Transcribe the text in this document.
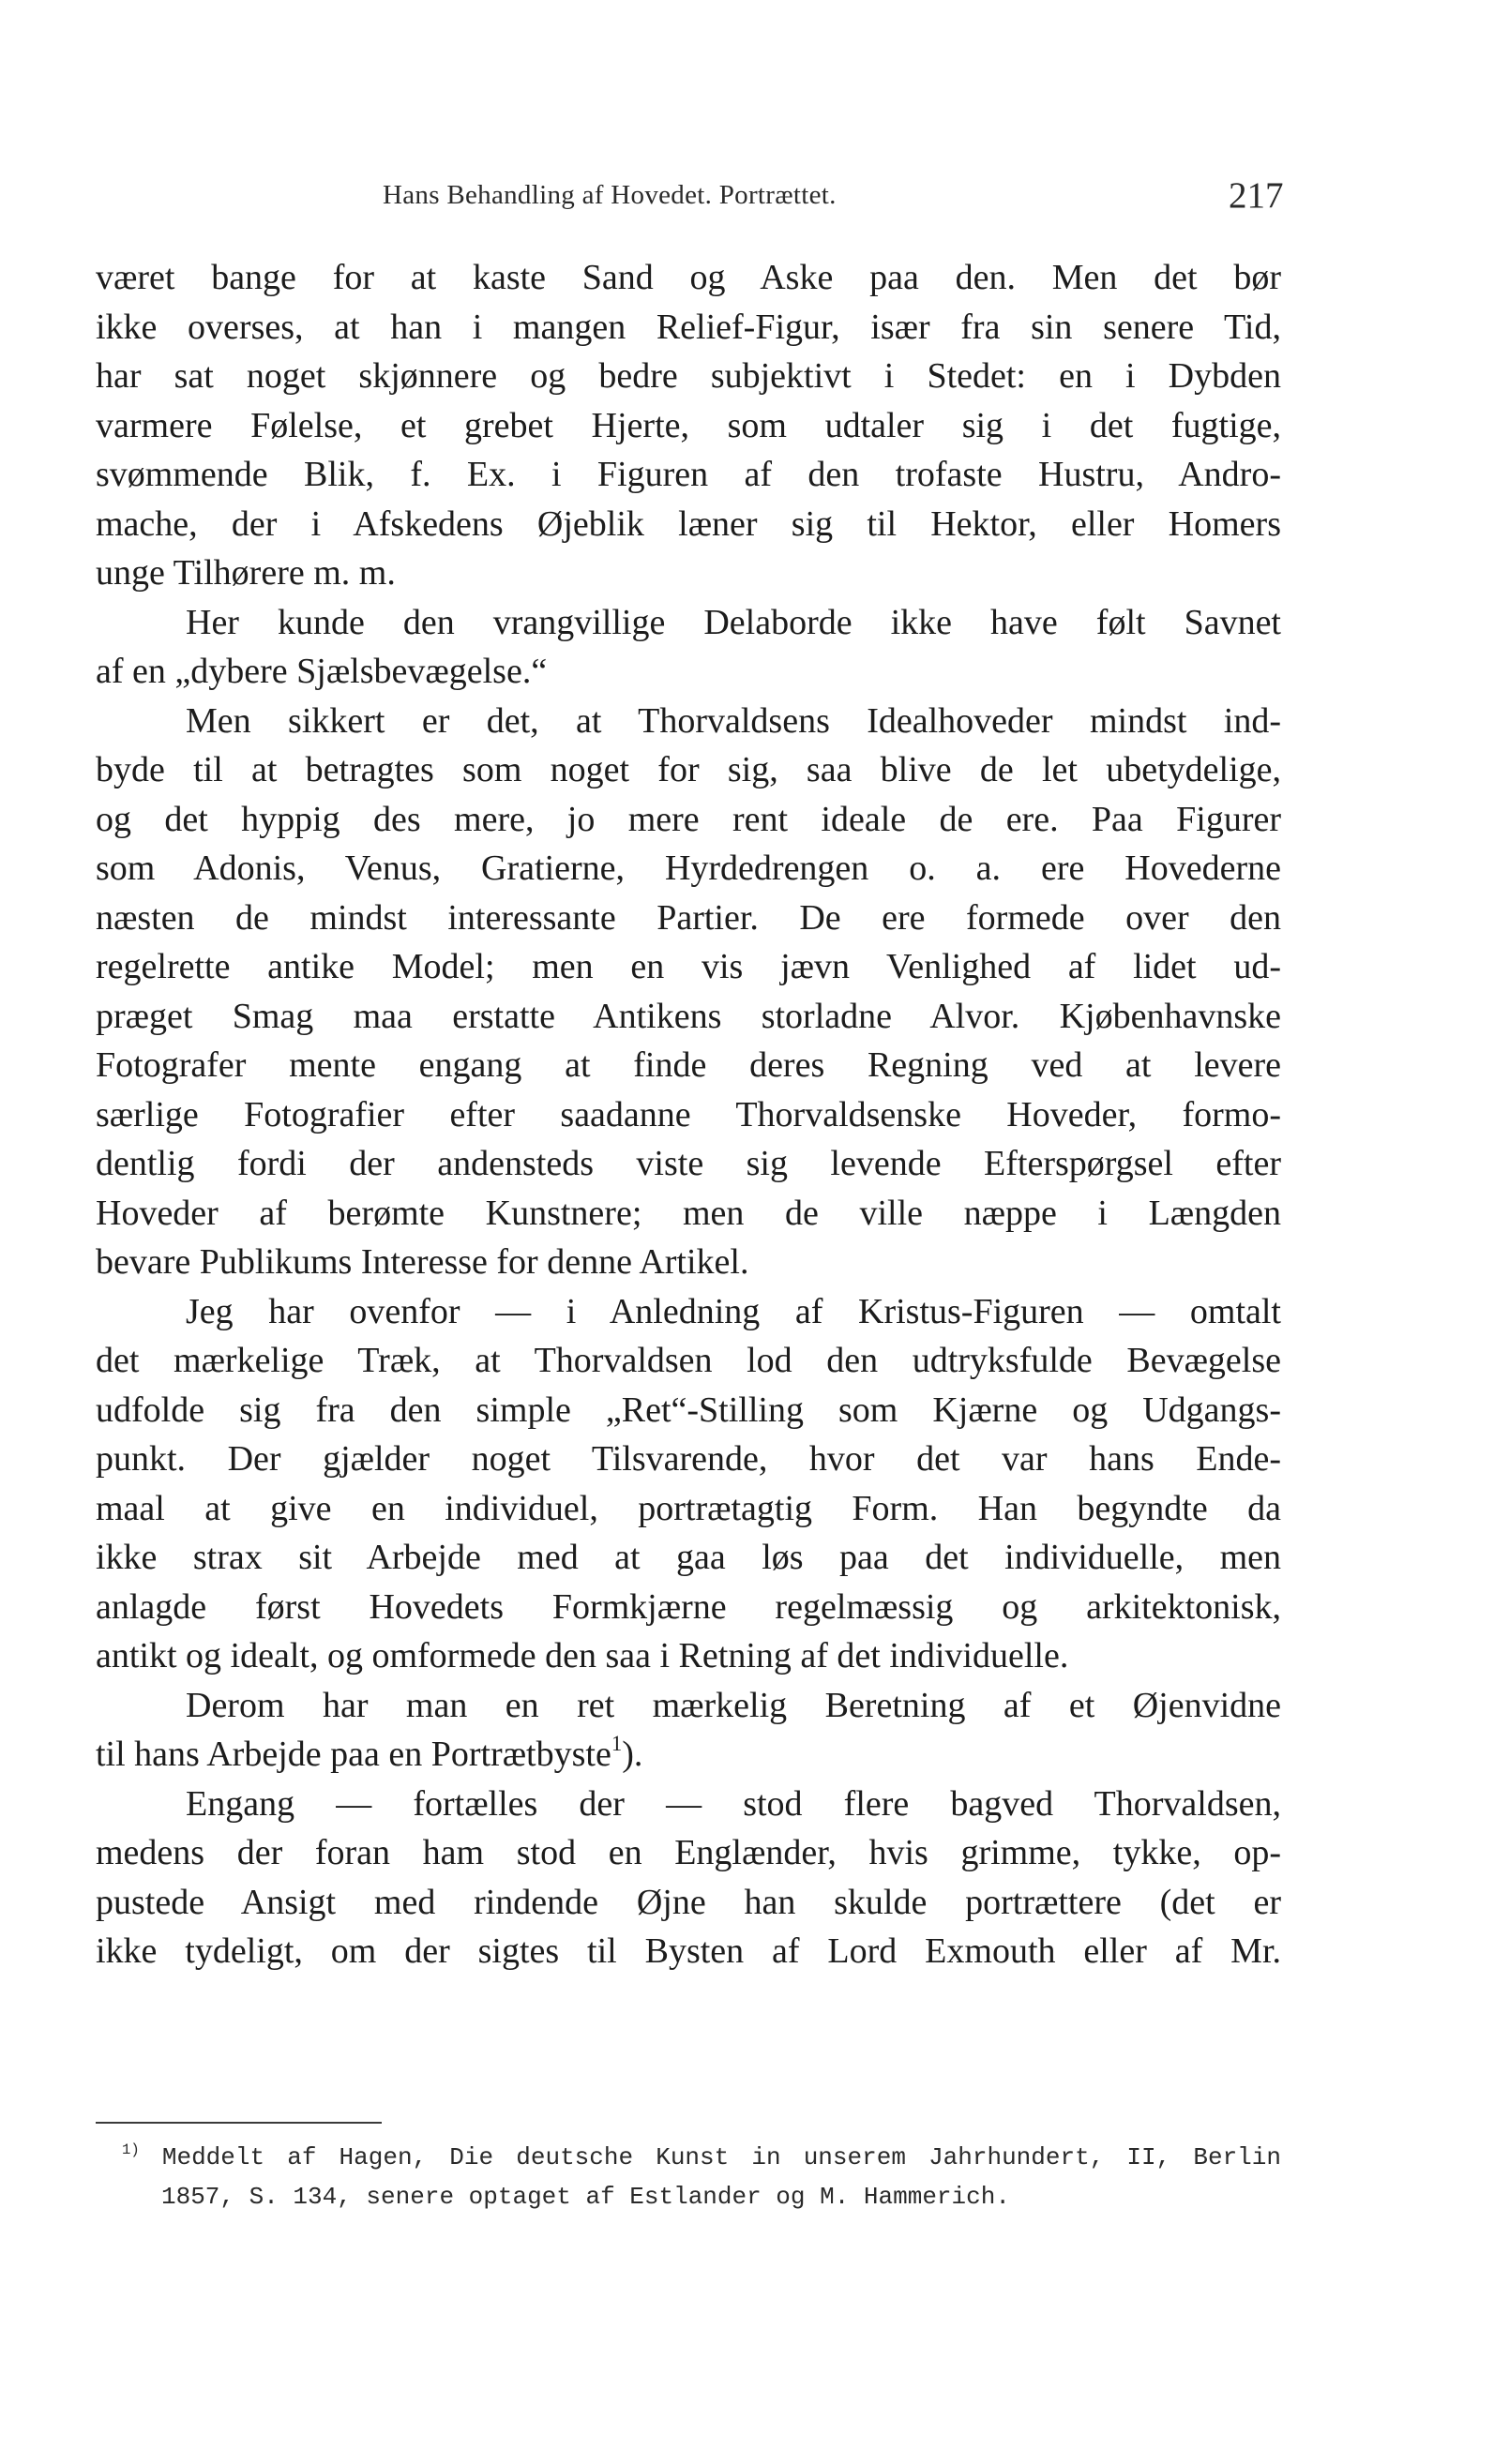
Hans Behandling af Hovedet. Portrættet.	217
været bange for at kaste Sand og Aske paa den. Men det bør
ikke overses, at han i mangen Relief-Figur, især fra sin senere Tid,
har sat noget skjønnere og bedre subjektivt i Stedet: en i Dybden
varmere Følelse, et grebet Hjerte, som udtaler sig i det fugtige,
svømmende Blik, f. Ex. i Figuren af den trofaste Hustru, Andro-
mache, der i Afskedens Øjeblik læner sig til Hektor, eller Homers
unge Tilhørere m. m.
Her kunde den vrangvillige Delaborde ikke have følt Savnet
af en „dybere Sjælsbevægelse.“
Men sikkert er det, at Thorvaldsens Idealhoveder mindst ind-
byde til at betragtes som noget for sig, saa blive de let ubetydelige,
og det hyppig des mere, jo mere rent ideale de ere. Paa Figurer
som Adonis, Venus, Gratierne, Hyrdedrengen o. a. ere Hovederne
næsten de mindst interessante Partier. De ere formede over den
regelrette antike Model; men en vis jævn Venlighed af lidet ud-
præget Smag maa erstatte Antikens storladne Alvor. Kjøbenhavnske
Fotografer mente engang at finde deres Regning ved at levere
særlige Fotografier efter saadanne Thorvaldsenske Hoveder, formo-
dentlig fordi der andensteds viste sig levende Efterspørgsel efter
Hoveder af berømte Kunstnere; men de ville næppe i Længden
bevare Publikums Interesse for denne Artikel.
Jeg har ovenfor — i Anledning af Kristus-Figuren — omtalt
det mærkelige Træk, at Thorvaldsen lod den udtryksfulde Bevægelse
udfolde sig fra den simple „Ret“-Stilling som Kjærne og Udgangs-
punkt. Der gjælder noget Tilsvarende, hvor det var hans Ende-
maal at give en individuel, portrætagtig Form. Han begyndte da
ikke strax sit Arbejde med at gaa løs paa det individuelle, men
anlagde først Hovedets Formkjærne regelmæssig og arkitektonisk,
antikt og idealt, og omformede den saa i Retning af det individuelle.
Derom har man en ret mærkelig Beretning af et Øjenvidne
til hans Arbejde paa en Portrætbyste$^1$).
Engang — fortælles der — stod flere bagved Thorvaldsen,
medens der foran ham stod en Englænder, hvis grimme, tykke, op-
pustede Ansigt med rindende Øjne han skulde portrættere (det er
ikke tydeligt, om der sigtes til Bysten af Lord Exmouth eller af Mr.
$^{1)}$ Meddelt af Hagen, Die deutsche Kunst in unserem Jahrhundert, II, Berlin
1857, S. 134, senere optaget af Estlander og M. Hammerich.
